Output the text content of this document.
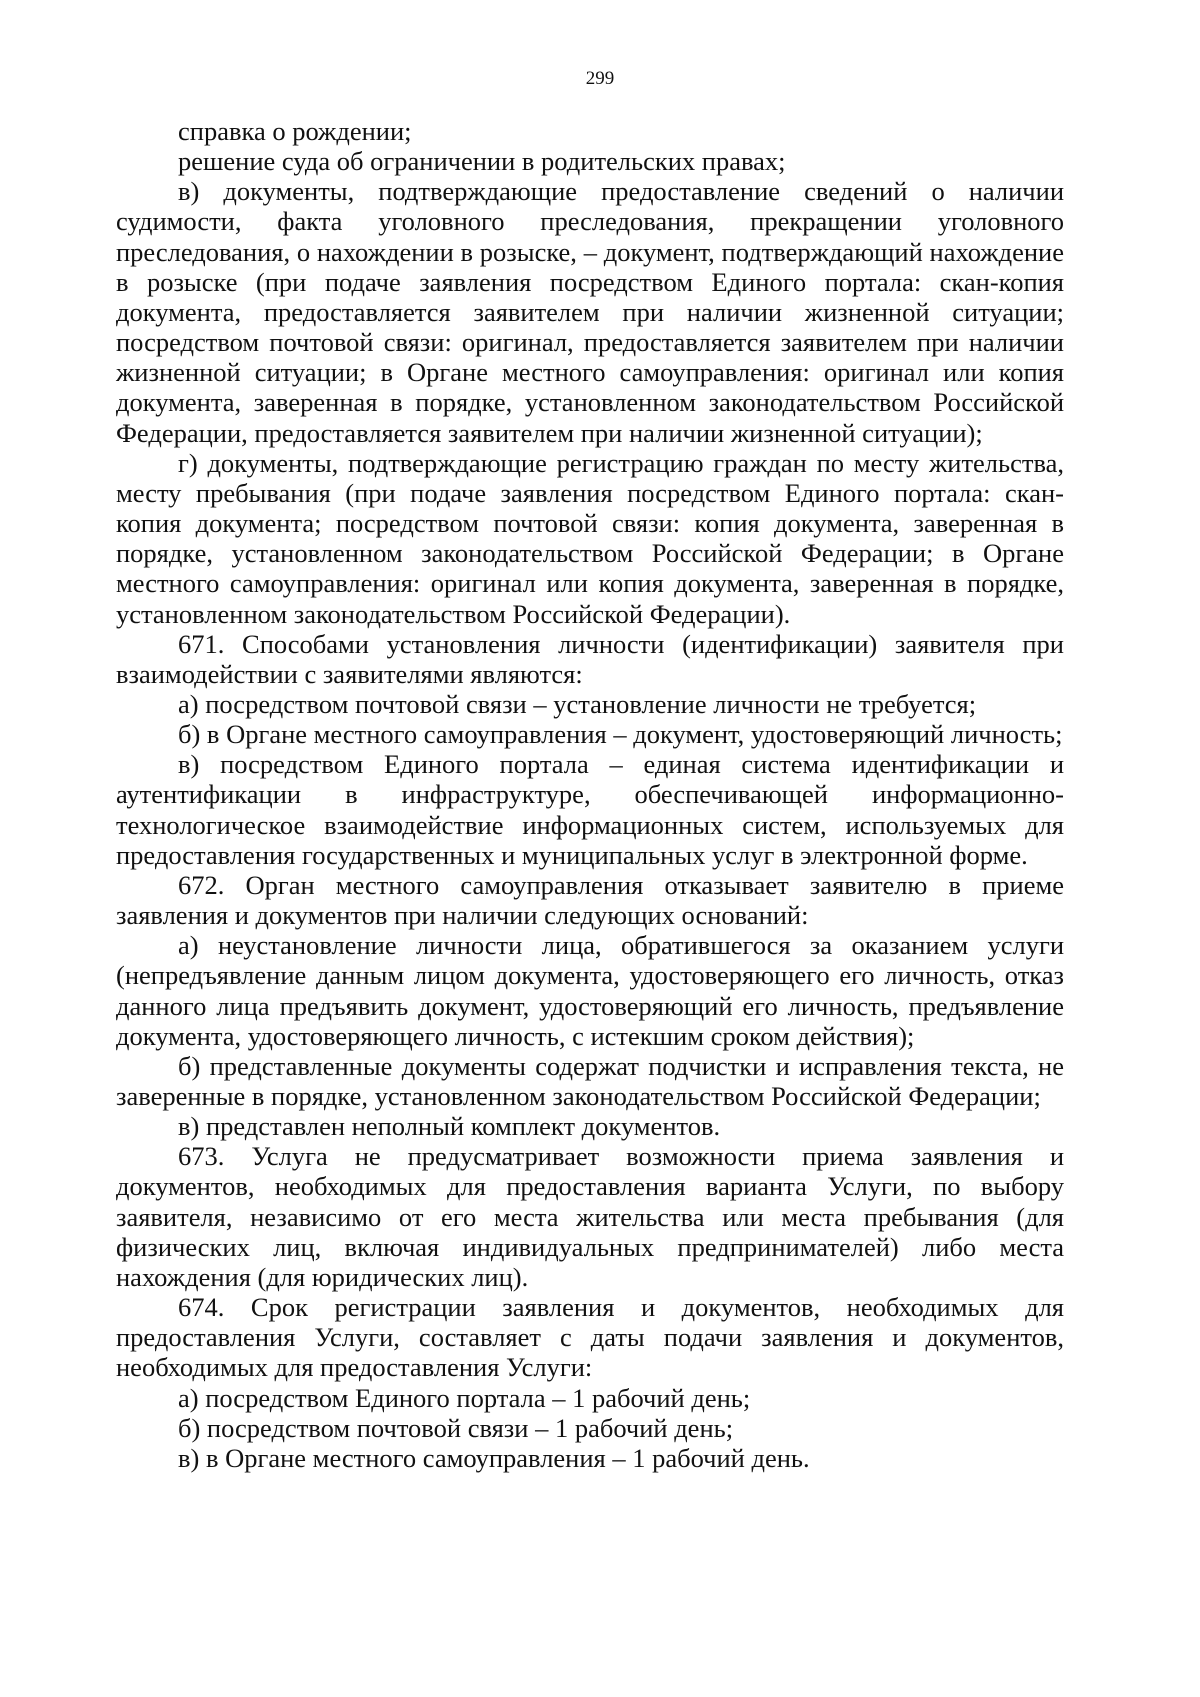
299

справка о рождении;

решение суда об ограничении в родительских правах;

в) документы, подтверждающие предоставление сведений о наличии судимости, факта уголовного преследования, прекращении уголовного преследования, о нахождении в розыске, – документ, подтверждающий нахождение в розыске (при подаче заявления посредством Единого портала: скан-копия документа, предоставляется заявителем при наличии жизненной ситуации; посредством почтовой связи: оригинал, предоставляется заявителем при наличии жизненной ситуации; в Органе местного самоуправления: оригинал или копия документа, заверенная в порядке, установленном законодательством Российской Федерации, предоставляется заявителем при наличии жизненной ситуации);

г) документы, подтверждающие регистрацию граждан по месту жительства, месту пребывания (при подаче заявления посредством Единого портала: скан-копия документа; посредством почтовой связи: копия документа, заверенная в порядке, установленном законодательством Российской Федерации; в Органе местного самоуправления: оригинал или копия документа, заверенная в порядке, установленном законодательством Российской Федерации).

671. Способами установления личности (идентификации) заявителя при взаимодействии с заявителями являются:

а) посредством почтовой связи – установление личности не требуется;

б) в Органе местного самоуправления – документ, удостоверяющий личность;

в) посредством Единого портала – единая система идентификации и аутентификации в инфраструктуре, обеспечивающей информационно-технологическое взаимодействие информационных систем, используемых для предоставления государственных и муниципальных услуг в электронной форме.

672. Орган местного самоуправления отказывает заявителю в приеме заявления и документов при наличии следующих оснований:

а) неустановление личности лица, обратившегося за оказанием услуги (непредъявление данным лицом документа, удостоверяющего его личность, отказ данного лица предъявить документ, удостоверяющий его личность, предъявление документа, удостоверяющего личность, с истекшим сроком действия);

б) представленные документы содержат подчистки и исправления текста, не заверенные в порядке, установленном законодательством Российской Федерации;

в) представлен неполный комплект документов.

673. Услуга не предусматривает возможности приема заявления и документов, необходимых для предоставления варианта Услуги, по выбору заявителя, независимо от его места жительства или места пребывания (для физических лиц, включая индивидуальных предпринимателей) либо места нахождения (для юридических лиц).

674. Срок регистрации заявления и документов, необходимых для предоставления Услуги, составляет с даты подачи заявления и документов, необходимых для предоставления Услуги:

а) посредством Единого портала – 1 рабочий день;

б) посредством почтовой связи – 1 рабочий день;

в) в Органе местного самоуправления – 1 рабочий день.
